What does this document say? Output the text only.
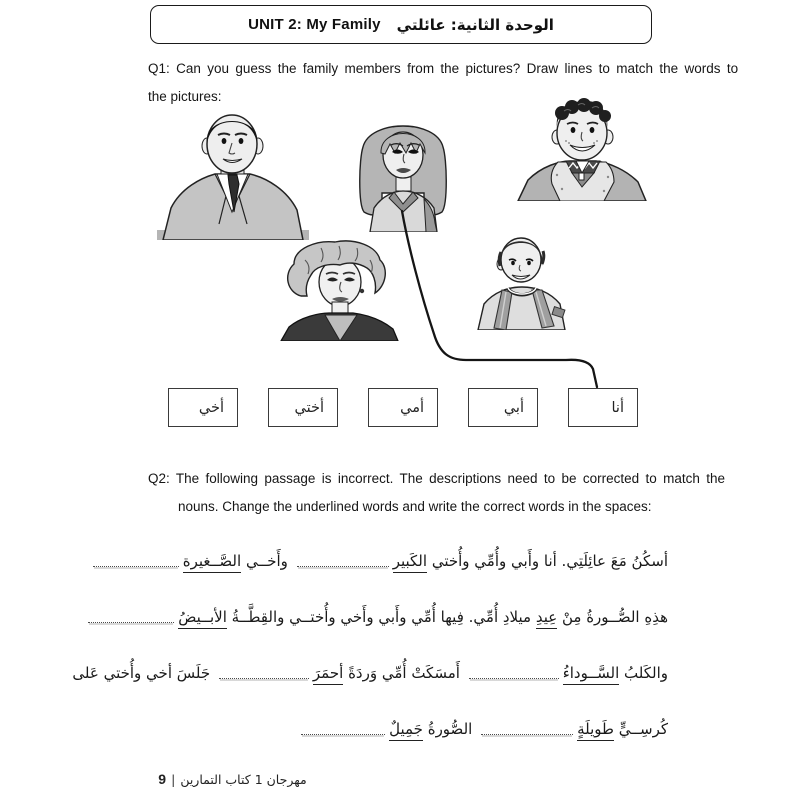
UNIT 2: My Family الوحدة الثانية: عائلتي
Q1: Can you guess the family members from the pictures? Draw lines to match the words to
the pictures:
أخي	أختي	أمي	أبي	أنا
Q2: The following passage is incorrect. The descriptions need to be corrected to match the
nouns. Change the underlined words and write the correct words in the spaces:
أسكُنُ مَعَ عائِلَتِي. أنا وأَبي وأُمِّي وأُختي الكَبير وأَخــي الصَّــغيرة
هذِهِ الصُّــورةُ مِنْ عِيدِ ميلادِ أُمِّي. فِيها أُمِّي وأَبي وأَخي وأُختــي والقِطَّــةُ الأبــيضُ
والكَلبُ السَّــوداءُ أَمسَكَتْ أُمِّي وَردَةً أحمَرَ جَلَسَ أخي وأُختي عَلى
كُرسِــيٍّ طَويلَةٍ الصُّورةُ جَمِيلٌ
مهرجان 1 كتاب التمارين|9
